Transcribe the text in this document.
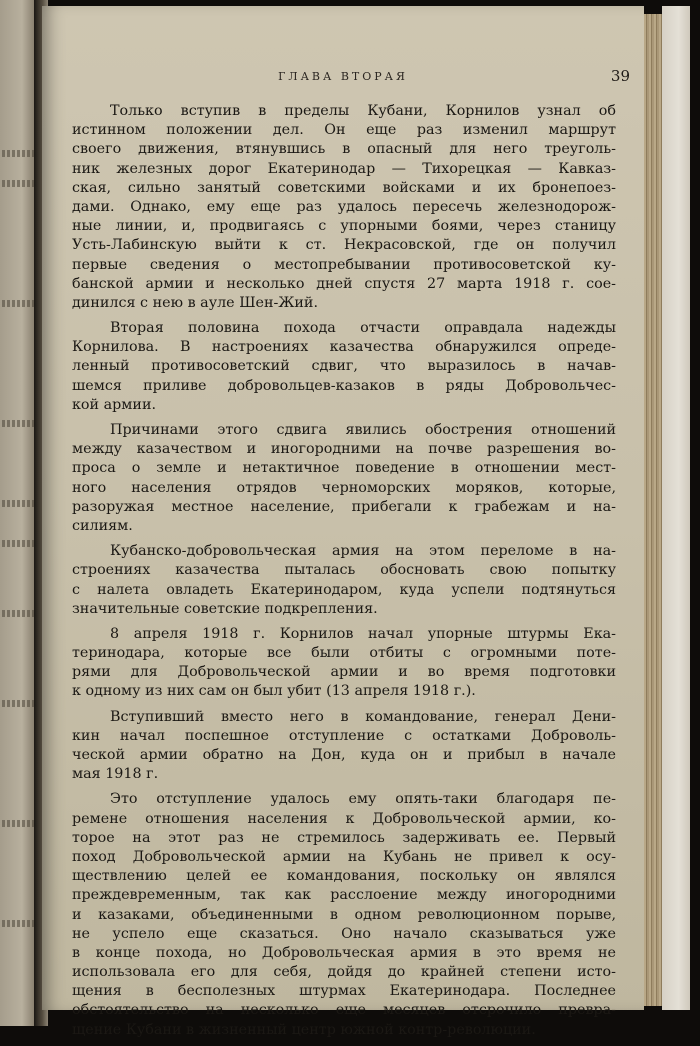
ГЛАВА ВТОРАЯ	39

Только вступив в пределы Кубани, Корнилов узнал об
истинном положении дел. Он еще раз изменил маршрут
своего движения, втянувшись в опасный для него треуголь-
ник железных дорог Екатеринодар — Тихорецкая — Кавказ-
ская, сильно занятый советскими войсками и их бронепоез-
дами. Однако, ему еще раз удалось пересечь железнодорож-
ные линии, и, продвигаясь с упорными боями, через станицу
Усть-Лабинскую выйти к ст. Некрасовской, где он получил
первые сведения о местопребывании противосоветской ку-
банской армии и несколько дней спустя 27 марта 1918 г. сое-
динился с нею в ауле Шен-Жий.
Вторая половина похода отчасти оправдала надежды
Корнилова. В настроениях казачества обнаружился опреде-
ленный противосоветский сдвиг, что выразилось в начав-
шемся приливе добровольцев-казаков в ряды Добровольчес-
кой армии.
Причинами этого сдвига явились обострения отношений
между казачеством и иногородними на почве разрешения во-
проса о земле и нетактичное поведение в отношении мест-
ного населения отрядов черноморских моряков, которые,
разоружая местное население, прибегали к грабежам и на-
силиям.
Кубанско-добровольческая армия на этом переломе в на-
строениях казачества пыталась обосновать свою попытку
с налета овладеть Екатеринодаром, куда успели подтянуться
значительные советские подкрепления.
8 апреля 1918 г. Корнилов начал упорные штурмы Ека-
теринодара, которые все были отбиты с огромными поте-
рями для Добровольческой армии и во время подготовки
к одному из них сам он был убит (13 апреля 1918 г.).
Вступивший вместо него в командование, генерал Дени-
кин начал поспешное отступление с остатками Доброволь-
ческой армии обратно на Дон, куда он и прибыл в начале
мая 1918 г.
Это отступление удалось ему опять-таки благодаря пе-
ремене отношения населения к Добровольческой армии, ко-
торое на этот раз не стремилось задерживать ее. Первый
поход Добровольческой армии на Кубань не привел к осу-
ществлению целей ее командования, поскольку он являлся
преждевременным, так как расслоение между иногородними
и казаками, объединенными в одном революционном порыве,
не успело еще сказаться. Оно начало сказываться уже
в конце похода, но Добровольческая армия в это время не
использовала его для себя, дойдя до крайней степени исто-
щения в бесполезных штурмах Екатеринодара. Последнее
обстоятельство на несколько еще месяцев отсрочило превра-
щение Кубани в жизненный центр южной контр-революции.
